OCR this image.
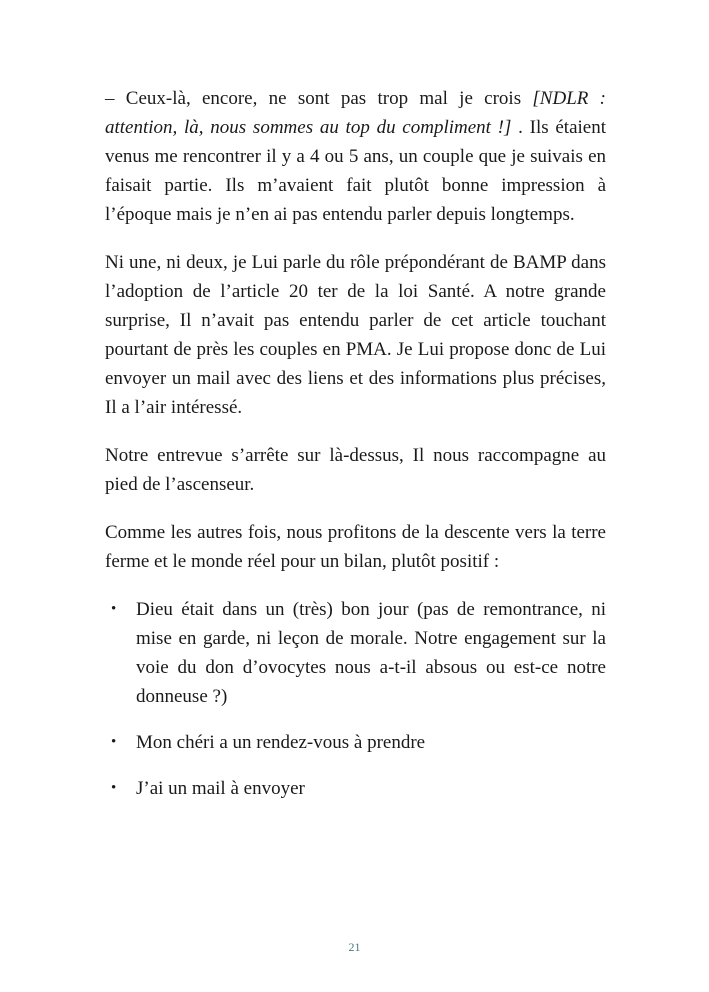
– Ceux-là, encore, ne sont pas trop mal je crois [NDLR : attention, là, nous sommes au top du compliment !] . Ils étaient venus me rencontrer il y a 4 ou 5 ans, un couple que je suivais en faisait partie. Ils m’avaient fait plutôt bonne impression à l’époque mais je n’en ai pas entendu parler depuis longtemps.

Ni une, ni deux, je Lui parle du rôle prépondérant de BAMP dans l’adoption de l’article 20 ter de la loi Santé. A notre grande surprise, Il n’avait pas entendu parler de cet article touchant pourtant de près les couples en PMA. Je Lui propose donc de Lui envoyer un mail avec des liens et des informations plus précises, Il a l’air intéressé.

Notre entrevue s’arrête sur là-dessus, Il nous raccompagne au pied de l’ascenseur.

Comme les autres fois, nous profitons de la descente vers la terre ferme et le monde réel pour un bilan, plutôt positif :

• Dieu était dans un (très) bon jour (pas de remontrance, ni mise en garde, ni leçon de morale. Notre engagement sur la voie du don d’ovocytes nous a-t-il absous ou est-ce notre donneuse ?)
• Mon chéri a un rendez-vous à prendre
• J’ai un mail à envoyer
21
